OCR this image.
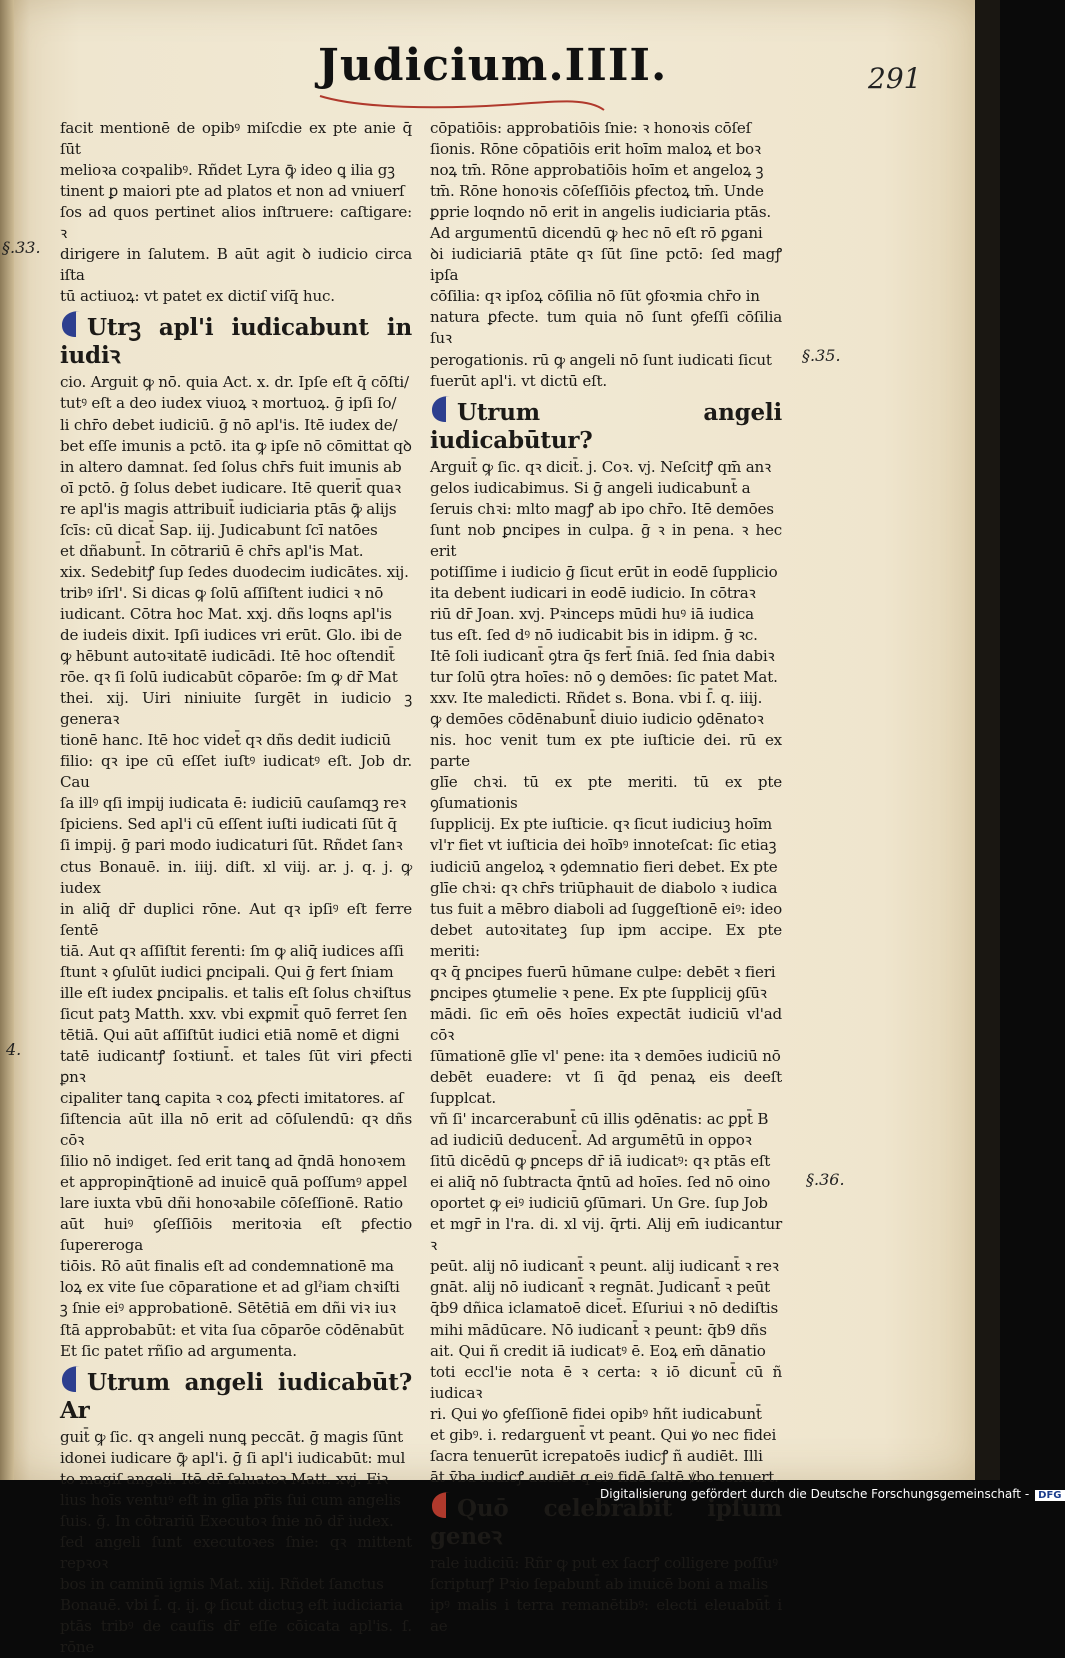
Judicium.IIII.	291
§.33.
4.
§.35.
§.36.

facit mentionē de opibꝰ miſcdie ex pte anie q̄ ſūt
melioꝛa coꝛpalibꝰ. Rñdet Lyra ꝙ̄ ideo ꝗ ilia gꝫ
tinent ꝑ maiori pte ad platos et non ad vniuerſ
ſos ad quos pertinet alios inſtruere: caſtigare: ꝛ
dirigere in ſalutem. B aūt agit ꝺ iudicio circa iſta
tū actiuoꝝ: vt patet ex dictiſ viſq̄ huc.

Utrꝫ apl'i iudicabunt in iudiꝛ

cio. Arguit ꝙ nō. quia Act. x. dr. Ipſe eſt q̄ cōſti/
tutꝰ eſt a deo iudex viuoꝝ ꝛ mortuoꝝ. ḡ ipſi ſo/
li chr̄o debet iudiciū. ḡ nō apl'is. Itē iudex de/
bet eſſe imunis a pctō. ita ꝙ ipſe nō cōmittat qꝺ
in altero damnat. ſed ſolus chr̄s fuit imunis ab
oī pctō. ḡ ſolus debet iudicare. Itē querit̄ quaꝛ
re apl'is magis attribuit̄ iudiciaria ptās ꝙ̄ alijs
ſcīs: cū dicat̄ Sap. iij. Judicabunt ſcī natōes
et dñabunt̄. In cōtrariū ē chr̄s apl'is Mat.
xix. Sedebitꝭ ſup ſedes duodecim iudicātes. xij.
tribꝰ iſrl'. Si dicas ꝙ ſolū aſſiſtent iudici ꝛ nō
iudicant. Cōtra hoc Mat. xxj. dñs loqns apl'is
de iudeis dixit. Ipſi iudices vri erūt. Glo. ibi de
ꝙ hēbunt autoꝛitatē iudicādi. Itē hoc oſtendit̄
rōe. qꝛ ſi ſolū iudicabūt cōparōe: ſm ꝙ dr̄ Mat
thei. xij. Uiri niniuite ſurgēt in iudicio ꝫ generaꝛ
tionē hanc. Itē hoc videt̄ qꝛ dñs dedit iudiciū
filio: qꝛ ipe cū eſſet iuſtꝰ iudicatꝰ eſt. Job dr. Cau
ſa illꝰ qſi impij iudicata ē: iudiciū cauſamqꝫ reꝛ
ſpiciens. Sed apl'i cū eſſent iuſti iudicati ſūt q̄
ſi impij. ḡ pari modo iudicaturi ſūt. Rñdet ſanꝛ
ctus Bonauē. in. iiij. diſt. xl viij. ar. j. q. j. ꝙ iudex
in aliq̄ dr̄ duplici rōne. Aut qꝛ ipſiꝰ eſt ferre ſentē
tiā. Aut qꝛ aſſiſtit ferenti: ſm ꝙ aliq̄ iudices aſſi
ſtunt ꝛ ꝯſulūt iudici ꝑncipali. Qui ḡ fert ſniam
ille eſt iudex ꝑncipalis. et talis eſt ſolus chꝛiſtus
ſicut patꝫ Matth. xxv. vbi exꝑmit̄ quō ferret ſen
tētiā. Qui aūt aſſiſtūt iudici etiā nomē et digni
tatē iudicantꝭ ſoꝛtiunt̄. et tales ſūt viri ꝑfecti ꝑnꝛ
cipaliter tanꝗ capita ꝛ coꝝ ꝑfecti imitatores. aſ
ſiſtencia aūt illa nō erit ad cōſulendū: qꝛ dñs cōꝛ
ſilio nō indiget. ſed erit tanꝗ ad q̄ndā honoꝛem
et appropinq̄tionē ad inuicē quā poſſumꝰ appel
lare iuxta vbū dñi honoꝛabile cōſeſſionē. Ratio
aūt huiꝰ ꝯſeſſiōis meritoꝛia eſt ꝑfectio ſupereroga
tiōis. Rō aūt finalis eſt ad condemnationē ma
loꝝ ex vite ſue cōparatione et ad glˀiam chꝛiſti
ꝫ ſnie eiꝰ approbationē. Sētētiā em dñi viꝛ iuꝛ
ſtā approbabūt: et vita ſua cōparōe cōdēnabūt
Et ſic patet rñſio ad argumenta.

Utrum angeli iudicabūt? Ar

guit̄ ꝙ ſic. qꝛ angeli nunꝗ peccāt. ḡ magis ſūnt
idonei iudicare ꝙ̄ apl'i. ḡ ſi apl'i iudicabūt: mul
to magiſ angeli. Itē dr̄ ſaluatoꝛ Matt. xvj. Fiꝛ
lius hoīs ventuꝰ eſt in glīa pr̄is ſui cum angelis
ſuis. ḡ. In cōtrariū Executoꝛ ſnie nō dr̄ iudex.
ſed angeli ſunt executoꝛes ſnie: qꝛ mittent repꝛoꝛ
bos in caminū ignis Mat. xiij. Rñdet ſanctus
Bonauē. vbi ſ̄. q. ij. ꝙ ſicut dictuꝫ eſt iudiciaria
ptās tribꝰ de cauſis dr̄ eſſe cōicata apl'is. ſ. rōne

cōpatiōis: approbatiōis ſnie: ꝛ honoꝛis cōſeſ
ſionis. Rōne cōpatiōis erit hoīm maloꝝ et boꝛ
noꝝ tm̄. Rōne approbatiōis hoīm et angeloꝝ ꝫ
tm̄. Rōne honoꝛis cōſeſſiōis ꝑfectoꝝ tm̄. Unde
ꝑprie loqndo nō erit in angelis iudiciaria ptās.
Ad argumentū dicendū ꝙ hec nō eſt rō ꝑgani
ꝺi iudiciariā ptāte qꝛ ſūt ſine pctō: ſed magꝭ ipſa
cōſilia: qꝛ ipſoꝝ cōſilia nō ſūt ꝯfoꝛmia chr̄o in
natura ꝑfecte. tum quia nō ſunt ꝯfeſſi cōſilia ſuꝛ
perogationis. rū ꝙ angeli nō ſunt iudicati ſicut
fuerūt apl'i. vt dictū eſt.

Utrum angeli iudicabūtur?

Arguit̄ ꝙ ſic. qꝛ dicit̄. j. Coꝛ. vj. Neſcitꝭ qm̄ anꝛ
gelos iudicabimus. Si ḡ angeli iudicabunt̄ a
ſeruis chꝛi: mlto magꝭ ab ipo chr̄o. Itē demōes
ſunt nob ꝑncipes in culpa. ḡ ꝛ in pena. ꝛ hec erit
potiſſime i iudicio ḡ ſicut erūt in eodē ſupplicio
ita debent iudicari in eodē iudicio. In cōtraꝛ
riū dr̄ Joan. xvj. Pꝛinceps mūdi huꝰ iā iudica
tus eſt. ſed dꝰ nō iudicabit bis in idipm. ḡ ꝛc.
Itē ſoli iudicant̄ ꝯtra q̄s fert̄ ſniā. ſed ſnia dabiꝛ
tur ſolū ꝯtra hoīes: nō ꝯ demōes: ſic patet Mat.
xxv. Ite maledicti. Rñdet s. Bona. vbi ſ̄. q. iiij.
ꝙ demōes cōdēnabunt̄ diuio iudicio ꝯdēnatoꝛ
nis. hoc venit tum ex pte iuſticie dei. rū ex parte
glīe chꝛi. tū ex pte meriti. tū ex pte ꝯſumationis
ſupplicij. Ex pte iuſticie. qꝛ ſicut iudiciuꝫ hoīm
vl'r fiet vt iuſticia dei hoībꝰ innoteſcat: ſic etiaꝫ
iudiciū angeloꝝ ꝛ ꝯdemnatio fieri debet. Ex pte
glīe chꝛi: qꝛ chr̄s triūphauit de diabolo ꝛ iudica
tus fuit a mēbro diaboli ad ſuggeſtionē eiꝰ: ideo
debet autoꝛitateꝫ ſup ipm accipe. Ex pte meriti:
qꝛ q̄ ꝑncipes fuerū hūmane culpe: debēt ꝛ fieri
ꝑncipes ꝯtumelie ꝛ pene. Ex pte ſupplicij ꝯſūꝛ
mādi. ſic em̄ oēs hoīes expectāt iudiciū vl'ad cōꝛ
ſūmationē glīe vl' pene: ita ꝛ demōes iudiciū nō
debēt euadere: vt ſi q̄d penaꝝ eis deeſt ſupplcat.
vñ ſi' incarcerabunt̄ cū illis ꝯdēnatis: ac ꝑpt̄ B
ad iudiciū deducent̄. Ad argumētū in oppoꝛ
ſitū dicēdū ꝙ ꝑnceps dr̄ iā iudicatꝰ: qꝛ ptās eſt
ei aliq̄ nō ſubtracta q̄ntū ad hoīes. ſed nō oino
oportet ꝙ eiꝰ iudiciū ꝯſūmari. Un Gre. ſup Job
et mgr̄ in l'ra. di. xl vij. q̄rti. Alij em̄ iudicantur ꝛ
peūt. alij nō iudicant̄ ꝛ peunt. alij iudicant̄ ꝛ reꝛ
gnāt. alij nō iudicant̄ ꝛ regnāt. Judicant̄ ꝛ peūt
q̄b9 dñica iclamatoē dicet̄. Eſuriui ꝛ nō dediſtis
mihi mādūcare. Nō iudicant̄ ꝛ peunt: q̄b9 dñs
ait. Qui ñ credit iā iudicatꝰ ē. Eoꝝ em̄ dānatio
toti eccl'ie nota ē ꝛ certa: ꝛ iō dicunt̄ cū ñ iudicaꝛ
ri. Qui ꝟo ꝯfeſſionē fidei opibꝰ hñt iudicabunt̄
et gibꝰ. i. redarguent̄ vt peant. Qui ꝟo nec fidei
ſacra tenuerūt icrepatoēs iudicꝭ ñ audiēt. Illi
āt v̄ba iudicꝭ audiēt q eiꝰ fidē ſaltē ꝟbo tenuert.

Quō celebrabit̄ ipſum geneꝛ

rale iudiciū: Rñr ꝙ put ex ſacrꝭ colligere poſſuꝰ
ſcripturꝭ Pꝛio ſepabunt̄ ab inuicē boni a malis
ipꝰ malis i terra remanētibꝰ: electi eleuabūt̄ i ae

Digitalisierung gefördert durch die Deutsche Forschungsgemeinschaft - DFG
